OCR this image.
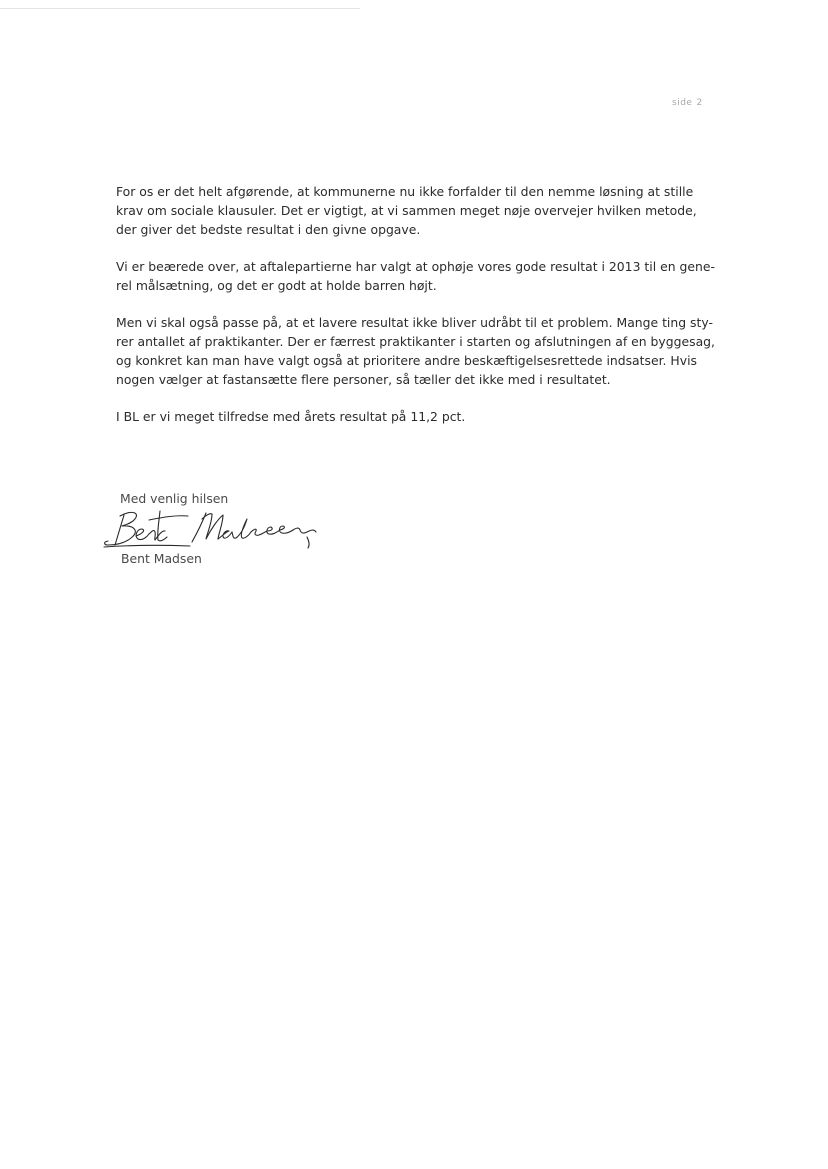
side 2

For os er det helt afgørende, at kommunerne nu ikke forfalder til den nemme løsning at stille
krav om sociale klausuler. Det er vigtigt, at vi sammen meget nøje overvejer hvilken metode,
der giver det bedste resultat i den givne opgave.

Vi er beærede over, at aftalepartierne har valgt at ophøje vores gode resultat i 2013 til en gene-
rel målsætning, og det er godt at holde barren højt.

Men vi skal også passe på, at et lavere resultat ikke bliver udråbt til et problem. Mange ting sty-
rer antallet af praktikanter. Der er færrest praktikanter i starten og afslutningen af en byggesag,
og konkret kan man have valgt også at prioritere andre beskæftigelsesrettede indsatser. Hvis
nogen vælger at fastansætte flere personer, så tæller det ikke med i resultatet.

I BL er vi meget tilfredse med årets resultat på 11,2 pct.

Med venlig hilsen
Bent Madsen
